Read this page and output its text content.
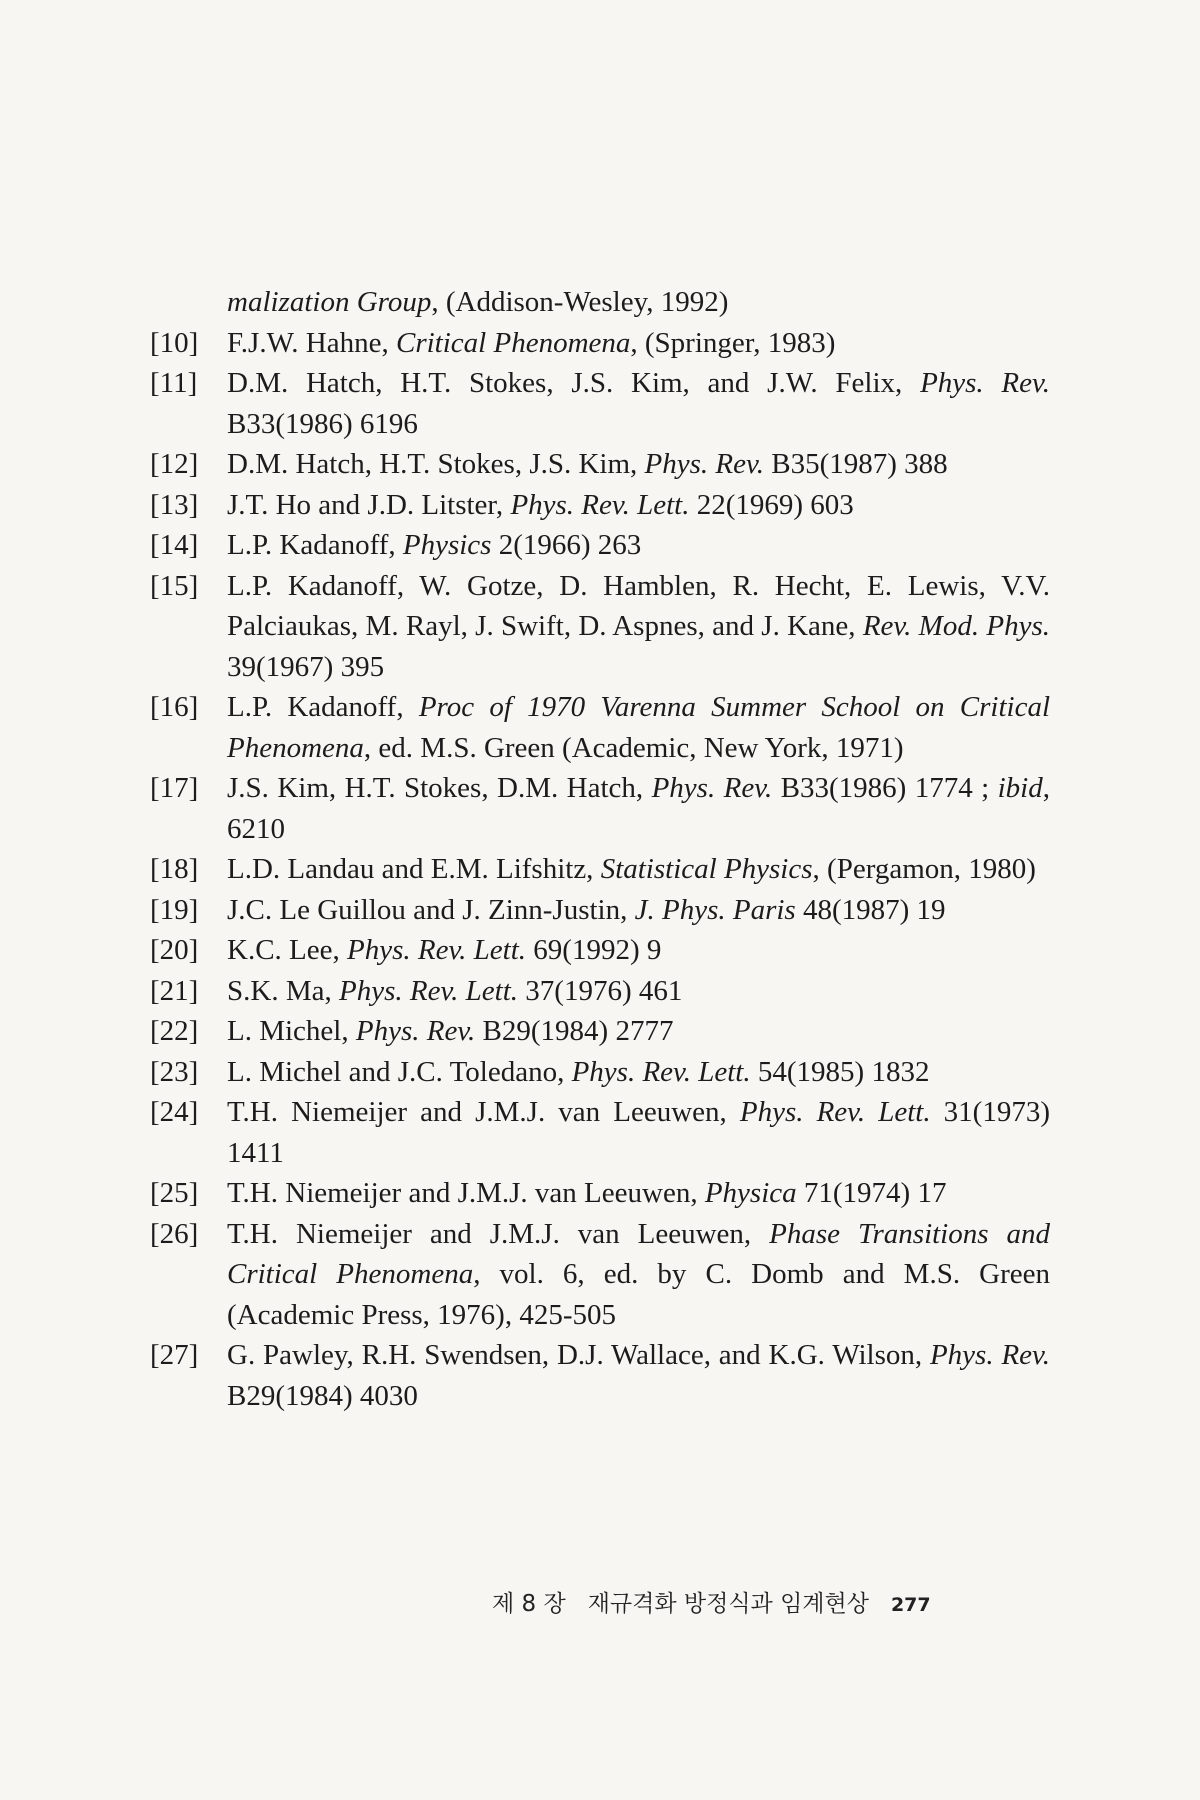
malization Group, (Addison-Wesley, 1992)
[10] F.J.W. Hahne, Critical Phenomena, (Springer, 1983)
[11]	D.M. Hatch, H.T. Stokes, J.S. Kim, and J.W. Felix, Phys. Rev. B33(1986) 6196
[12] D.M. Hatch, H.T. Stokes, J.S. Kim, Phys. Rev. B35(1987) 388
[13] J.T. Ho and J.D. Litster, Phys. Rev. Lett. 22(1969) 603
[14] L.P. Kadanoff, Physics 2(1966) 263
[15] L.P. Kadanoff, W. Gotze, D. Hamblen, R. Hecht, E. Lewis, V.V. Palciaukas, M. Rayl, J. Swift, D. Aspnes, and J. Kane, Rev. Mod. Phys. 39(1967) 395
[16] L.P. Kadanoff, Proc of 1970 Varenna Summer School on Critical Phenomena, ed. M.S. Green (Academic, New York, 1971)
[17] J.S. Kim, H.T. Stokes, D.M. Hatch, Phys. Rev. B33(1986) 1774 ; ibid, 6210
[18] L.D. Landau and E.M. Lifshitz, Statistical Physics, (Pergamon, 1980)
[19] J.C. Le Guillou and J. Zinn-Justin, J. Phys. Paris 48(1987) 19
[20] K.C. Lee, Phys. Rev. Lett. 69(1992) 9
[21] S.K. Ma, Phys. Rev. Lett. 37(1976) 461
[22] L. Michel, Phys. Rev. B29(1984) 2777
[23] L. Michel and J.C. Toledano, Phys. Rev. Lett. 54(1985) 1832
[24] T.H. Niemeijer and J.M.J. van Leeuwen, Phys. Rev. Lett. 31(1973) 1411
[25] T.H. Niemeijer and J.M.J. van Leeuwen, Physica 71(1974) 17
[26] T.H. Niemeijer and J.M.J. van Leeuwen, Phase Transitions and Critical Phenomena, vol. 6, ed. by C. Domb and M.S. Green (Academic Press, 1976), 425-505
[27] G. Pawley, R.H. Swendsen, D.J. Wallace, and K.G. Wilson, Phys. Rev. B29(1984) 4030
제 8 장 재규격화 방정식과 임계현상 277
